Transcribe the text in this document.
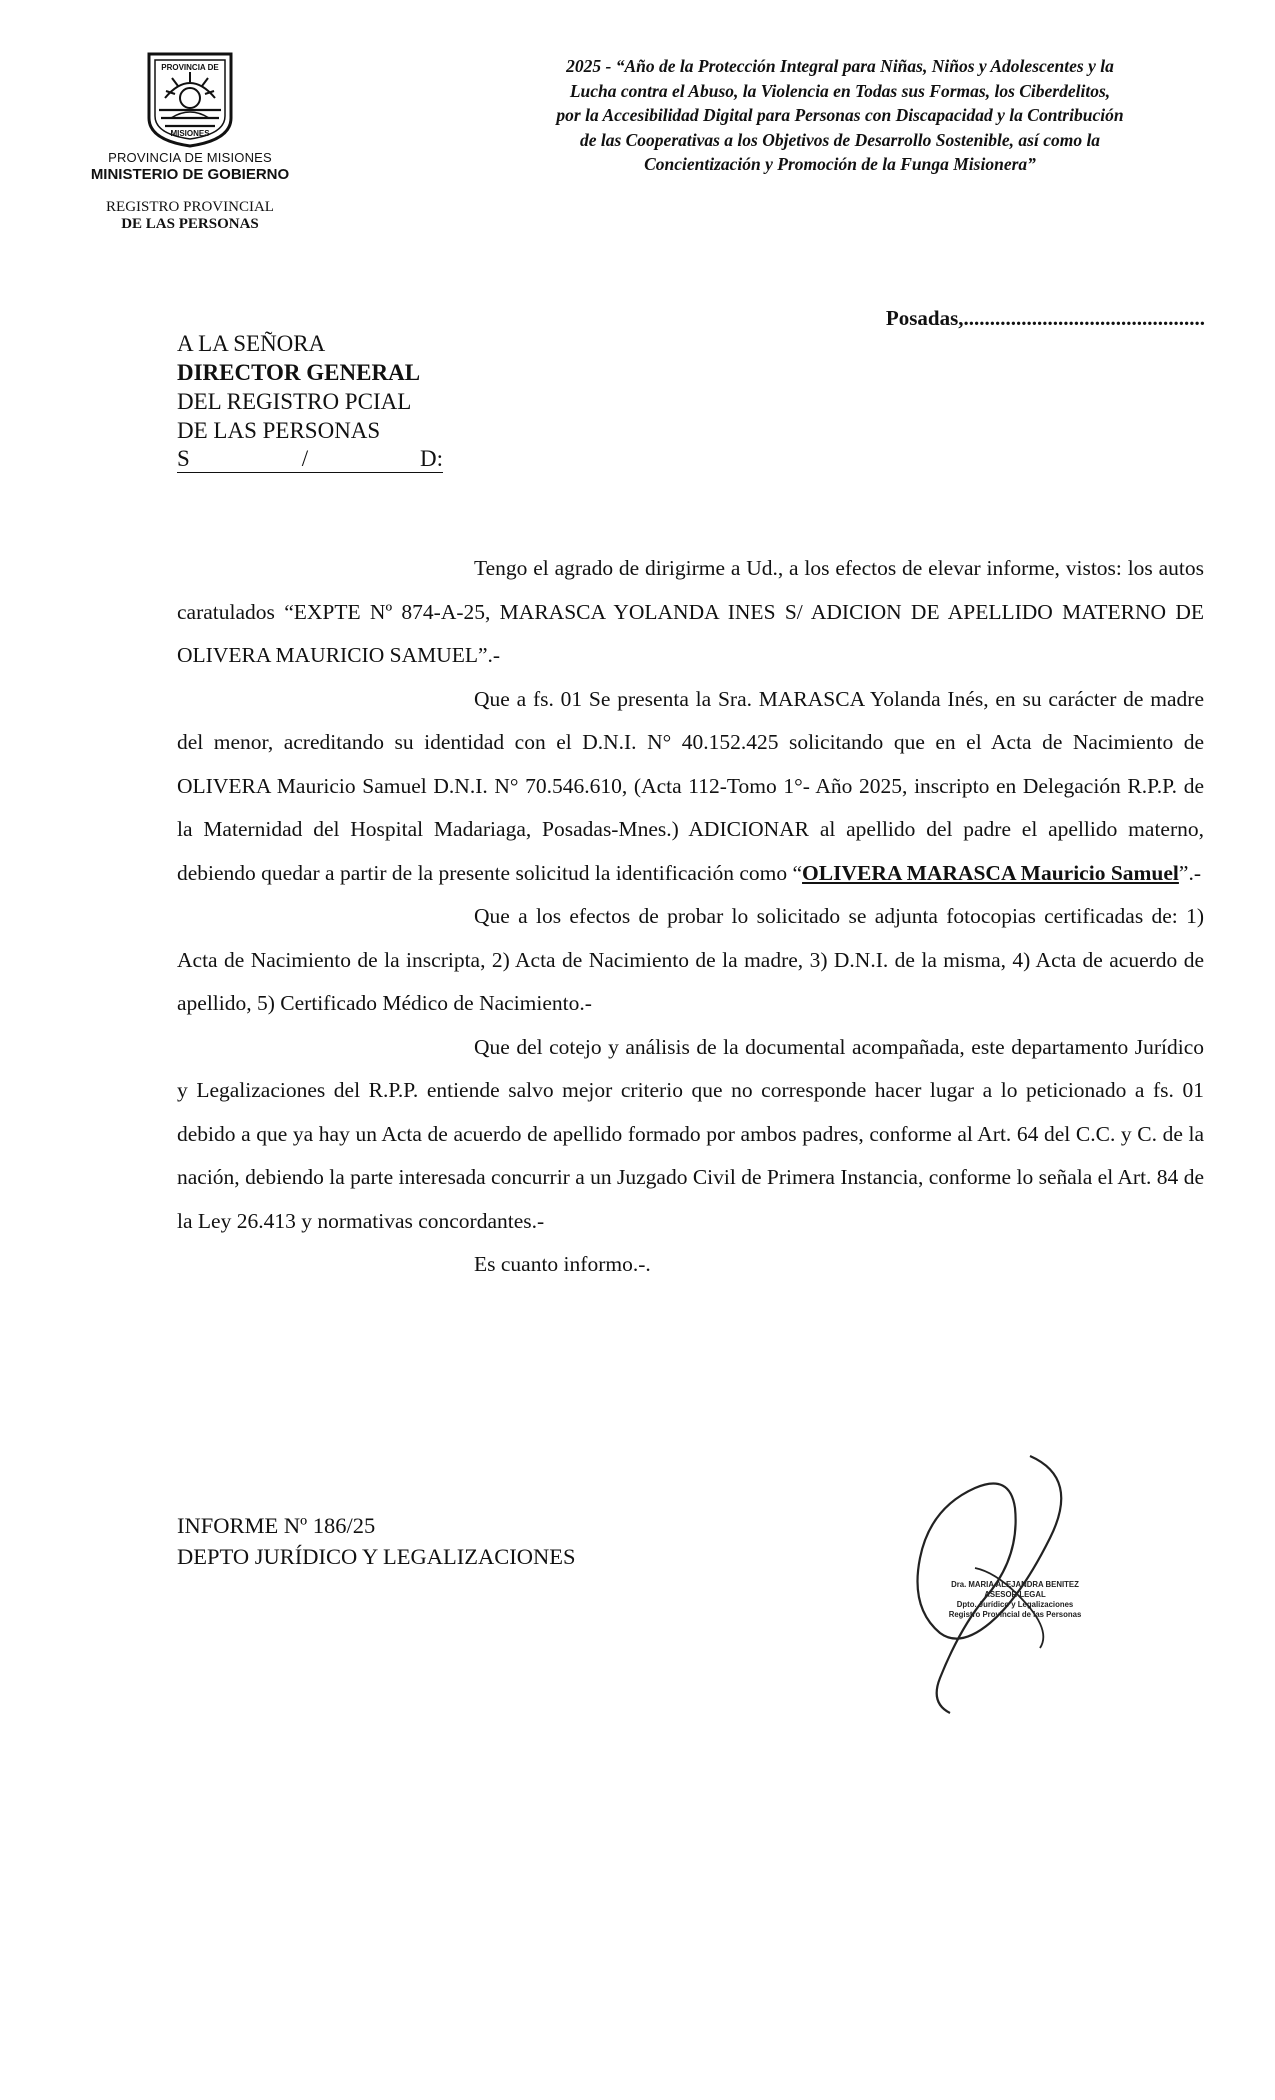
PROVINCIA DE
MISIONES
PROVINCIA DE MISIONES
MINISTERIO DE GOBIERNO
REGISTRO PROVINCIAL
DE LAS PERSONAS
2025 - “Año de la Protección Integral para Niñas, Niños y Adolescentes y la
Lucha contra el Abuso, la Violencia en Todas sus Formas, los Ciberdelitos,
por la Accesibilidad Digital para Personas con Discapacidad y la Contribución
de las Cooperativas a los Objetivos de Desarrollo Sostenible, así como la
Concientización y Promoción de la Funga Misionera”
Posadas,..............................................
A LA SEÑORA
DIRECTOR GENERAL
DEL REGISTRO PCIAL
DE LAS PERSONAS
S	/	D:

Tengo el agrado de dirigirme a Ud., a los efectos de elevar informe, vistos: los autos caratulados “EXPTE Nº 874-A-25, MARASCA YOLANDA INES S/ ADICION DE APELLIDO MATERNO DE OLIVERA MAURICIO SAMUEL”.-

Que a fs. 01 Se presenta la Sra. MARASCA Yolanda Inés, en su carácter de madre del menor, acreditando su identidad con el D.N.I. N° 40.152.425 solicitando que en el Acta de Nacimiento de OLIVERA Mauricio Samuel D.N.I. N° 70.546.610, (Acta 112-Tomo 1°- Año 2025, inscripto en Delegación R.P.P. de la Maternidad del Hospital Madariaga, Posadas-Mnes.) ADICIONAR al apellido del padre el apellido materno, debiendo quedar a partir de la presente solicitud la identificación como “OLIVERA MARASCA Mauricio Samuel”.-

Que a los efectos de probar lo solicitado se adjunta fotocopias certificadas de: 1) Acta de Nacimiento de la inscripta, 2) Acta de Nacimiento de la madre, 3) D.N.I. de la misma, 4) Acta de acuerdo de apellido, 5) Certificado Médico de Nacimiento.-

Que del cotejo y análisis de la documental acompañada, este departamento Jurídico y Legalizaciones del R.P.P. entiende salvo mejor criterio que no corresponde hacer lugar a lo peticionado a fs. 01 debido a que ya hay un Acta de acuerdo de apellido formado por ambos padres, conforme al Art. 64 del C.C. y C. de la nación, debiendo la parte interesada concurrir a un Juzgado Civil de Primera Instancia, conforme lo señala el Art. 84 de la Ley 26.413 y normativas concordantes.-

Es cuanto informo.-.

INFORME Nº 186/25
DEPTO JURÍDICO Y LEGALIZACIONES
Dra. MARIA ALEJANDRA BENITEZ
ASESOR LEGAL
Dpto. Jurídico y Legalizaciones
Registro Provincial de las Personas
